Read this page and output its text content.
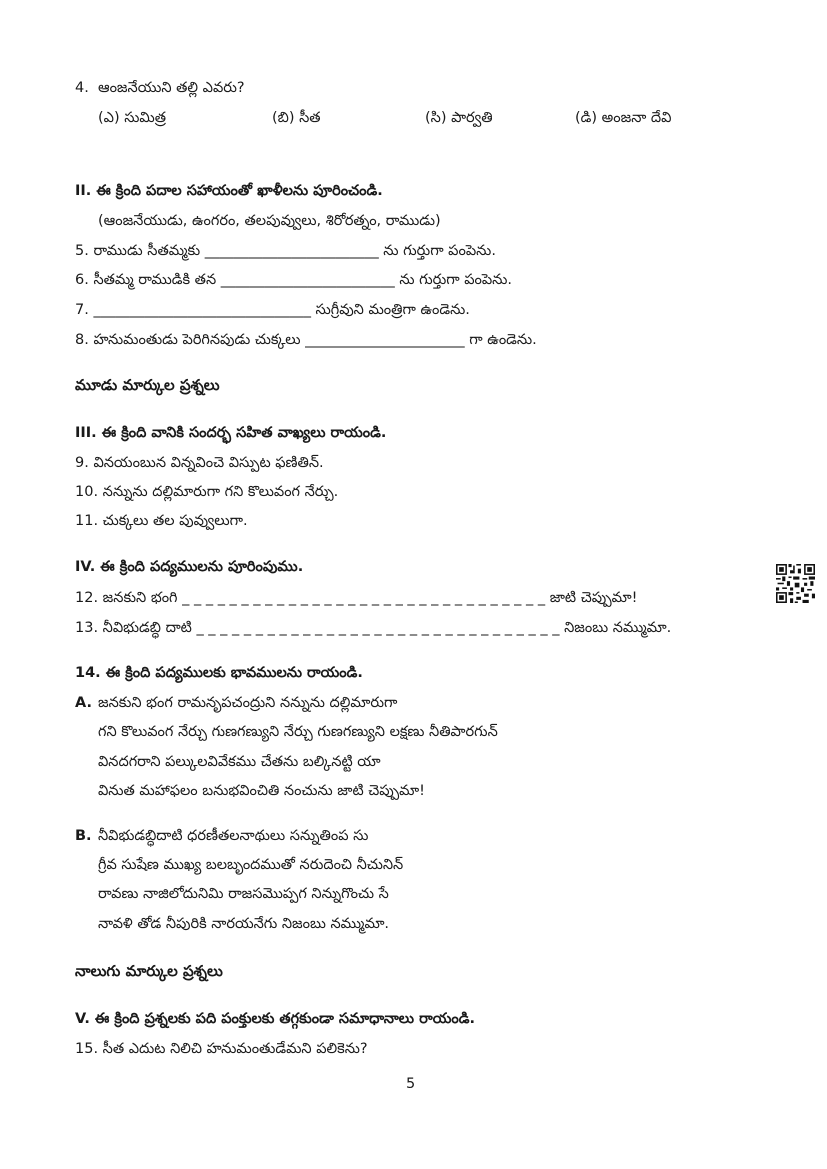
4. ఆంజనేయుని తల్లి ఎవరు?
(ఎ) సుమిత్ర	(బి) సీత	(సి) పార్వతి	(డి) అంజనా దేవి
II. ఈ క్రింది పదాల సహాయంతో ఖాళీలను పూరించండి.
(ఆంజనేయుడు, ఉంగరం, తలపువ్వులు, శిరోరత్నం, రాముడు)
5. రాముడు సీతమ్మకు ________________________ ను గుర్తుగా పంపెను.
6. సీతమ్మ రాముడికి తన ________________________ ను గుర్తుగా పంపెను.
7. ______________________________ సుగ్రీవుని మంత్రిగా ఉండెను.
8. హనుమంతుడు పెరిగినపుడు చుక్కలు ______________________ గా ఉండెను.
మూడు మార్కుల ప్రశ్నలు
III. ఈ క్రింది వానికి సందర్భ సహిత వాఖ్యలు రాయండి.
9. వినయంబున విన్నవించె విస్పుట ఫణితిన్.
10. నన్నును దల్లిమారుగా గని కొలువంగ నేర్చు.
11. చుక్కలు తల పువ్వులుగా.
IV. ఈ క్రింది పద్యములను పూరింపుము.
12. జనకుని భంగి _ _ _ _ _ _ _ _ _ _ _ _ _ _ _ _ _ _ _ _ _ _ _ _ _ _ _ _ _ _ _ జాటి చెప్పుమా!
13. నీవిభుడబ్ధి దాటి _ _ _ _ _ _ _ _ _ _ _ _ _ _ _ _ _ _ _ _ _ _ _ _ _ _ _ _ _ _ _ నిజంబు నమ్ముమా.
14. ఈ క్రింది పద్యములకు భావములను రాయండి.
A. జనకుని భంగ రామనృపచంద్రుని నన్నును దల్లిమారుగా
గని కొలువంగ నేర్చు గుణగణ్యుని నేర్చు గుణగణ్యుని లక్షణు నీతిపారగున్
వినదగరాని పల్కులవివేకము చేతను బల్కినట్టి యా
వినుత మహాఫలం బనుభవించితి నంచును జాటి చెప్పుమా!
B. నీవిభుడబ్ధిదాటి ధరణీతలనాథులు సన్నుతింప సు
గ్రీవ సుషేణ ముఖ్య బలబృందముతో నరుదెంచి నీచునిన్
రావణు నాజిలోదునిమి రాజసమొప్పగ నిన్నుగొంచు సే
నావళి తోడ నీపురికి నారయనేగు నిజంబు నమ్ముమా.
నాలుగు మార్కుల ప్రశ్నలు
V. ఈ క్రింది ప్రశ్నలకు పది పంక్తులకు తగ్గకుండా సమాధానాలు రాయండి.
15. సీత ఎదుట నిలిచి హనుమంతుడేమని పలికెను?
5
